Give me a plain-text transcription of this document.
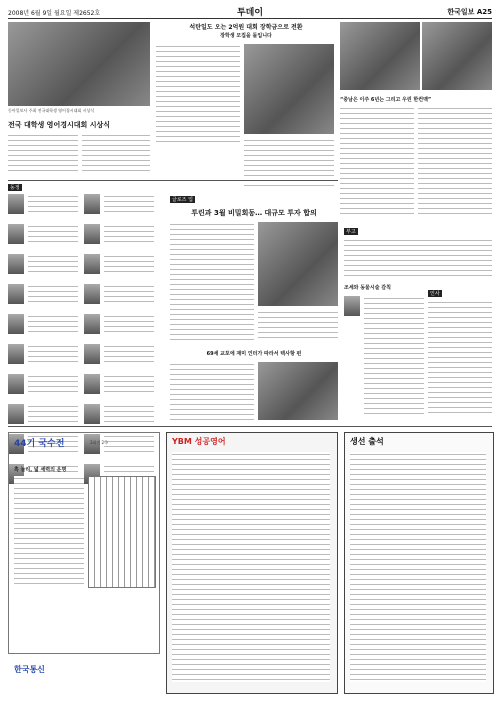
2008년 6월 9일 월요일 제2652호	투데이	한국일보 A25
동아일보사 주최 전국대학생 영어경시대회 시상식
전국 대학생 영어경시대회 시상식
석탄일도 오는 2억원 대회 장학금으로 전환
장학생 모집을 돌입니다
“중남은 이주 6년는 그리고 우린 한컨맥”
동정
글로즈 업
투린과 3월 비밀회동… 대규모 투자 합의
69세 교포에 재미 인터가 따라서 텍사항 펀
부고
조세와 동물시술 감칙
인사
44기 국수전	3회전 2국
흑 늘리, 넓 세력의 운명
한국통신
YBM 성공영어	생선 출석
